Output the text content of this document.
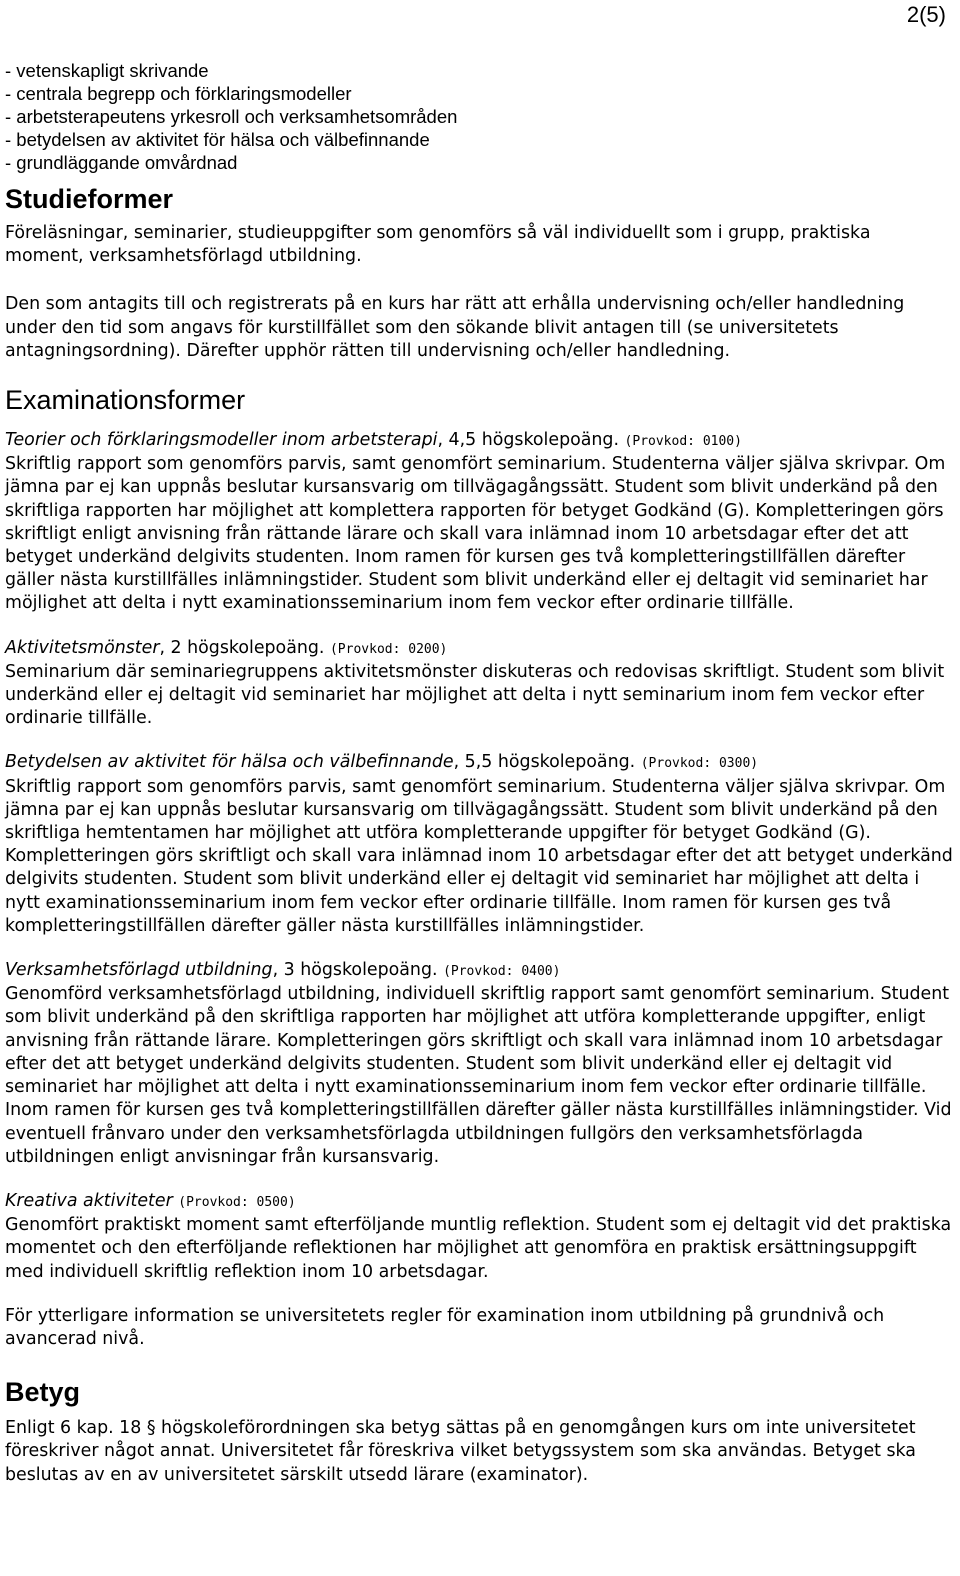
2(5)
- vetenskapligt skrivande
- centrala begrepp och förklaringsmodeller
- arbetsterapeutens yrkesroll och verksamhetsområden
- betydelsen av aktivitet för hälsa och välbefinnande
- grundläggande omvårdnad
Studieformer

Föreläsningar, seminarier, studieuppgifter som genomförs så väl individuellt som i grupp, praktiska moment, verksamhetsförlagd utbildning.

Den som antagits till och registrerats på en kurs har rätt att erhålla undervisning och/eller handledning under den tid som angavs för kurstillfället som den sökande blivit antagen till (se universitetets antagningsordning). Därefter upphör rätten till undervisning och/eller handledning.

Examinationsformer

Teorier och förklaringsmodeller inom arbetsterapi, 4,5 högskolepoäng. (Provkod: 0100)
Skriftlig rapport som genomförs parvis, samt genomfört seminarium. Studenterna väljer själva skrivpar. Om jämna par ej kan uppnås beslutar kursansvarig om tillvägagångssätt. Student som blivit underkänd på den skriftliga rapporten har möjlighet att komplettera rapporten för betyget Godkänd (G). Kompletteringen görs skriftligt enligt anvisning från rättande lärare och skall vara inlämnad inom 10 arbetsdagar efter det att betyget underkänd delgivits studenten. Inom ramen för kursen ges två kompletteringstillfällen därefter gäller nästa kurstillfälles inlämningstider. Student som blivit underkänd eller ej deltagit vid seminariet har möjlighet att delta i nytt examinationsseminarium inom fem veckor efter ordinarie tillfälle.

Aktivitetsmönster, 2 högskolepoäng. (Provkod: 0200)
Seminarium där seminariegruppens aktivitetsmönster diskuteras och redovisas skriftligt. Student som blivit underkänd eller ej deltagit vid seminariet har möjlighet att delta i nytt seminarium inom fem veckor efter ordinarie tillfälle.

Betydelsen av aktivitet för hälsa och välbefinnande, 5,5 högskolepoäng. (Provkod: 0300)
Skriftlig rapport som genomförs parvis, samt genomfört seminarium. Studenterna väljer själva skrivpar. Om jämna par ej kan uppnås beslutar kursansvarig om tillvägagångssätt. Student som blivit underkänd på den skriftliga hemtentamen har möjlighet att utföra kompletterande uppgifter för betyget Godkänd (G). Kompletteringen görs skriftligt och skall vara inlämnad inom 10 arbetsdagar efter det att betyget underkänd delgivits studenten. Student som blivit underkänd eller ej deltagit vid seminariet har möjlighet att delta i nytt examinationsseminarium inom fem veckor efter ordinarie tillfälle. Inom ramen för kursen ges två kompletteringstillfällen därefter gäller nästa kurstillfälles inlämningstider.

Verksamhetsförlagd utbildning, 3 högskolepoäng. (Provkod: 0400)
Genomförd verksamhetsförlagd utbildning, individuell skriftlig rapport samt genomfört seminarium. Student som blivit underkänd på den skriftliga rapporten har möjlighet att utföra kompletterande uppgifter, enligt anvisning från rättande lärare. Kompletteringen görs skriftligt och skall vara inlämnad inom 10 arbetsdagar efter det att betyget underkänd delgivits studenten. Student som blivit underkänd eller ej deltagit vid seminariet har möjlighet att delta i nytt examinationsseminarium inom fem veckor efter ordinarie tillfälle. Inom ramen för kursen ges två kompletteringstillfällen därefter gäller nästa kurstillfälles inlämningstider. Vid eventuell frånvaro under den verksamhetsförlagda utbildningen fullgörs den verksamhetsförlagda utbildningen enligt anvisningar från kursansvarig.

Kreativa aktiviteter (Provkod: 0500)
Genomfört praktiskt moment samt efterföljande muntlig reflektion. Student som ej deltagit vid det praktiska momentet och den efterföljande reflektionen har möjlighet att genomföra en praktisk ersättningsuppgift med individuell skriftlig reflektion inom 10 arbetsdagar.

För ytterligare information se universitetets regler för examination inom utbildning på grundnivå och avancerad nivå.

Betyg

Enligt 6 kap. 18 § högskoleförordningen ska betyg sättas på en genomgången kurs om inte universitetet föreskriver något annat. Universitetet får föreskriva vilket betygssystem som ska användas. Betyget ska beslutas av en av universitetet särskilt utsedd lärare (examinator).
